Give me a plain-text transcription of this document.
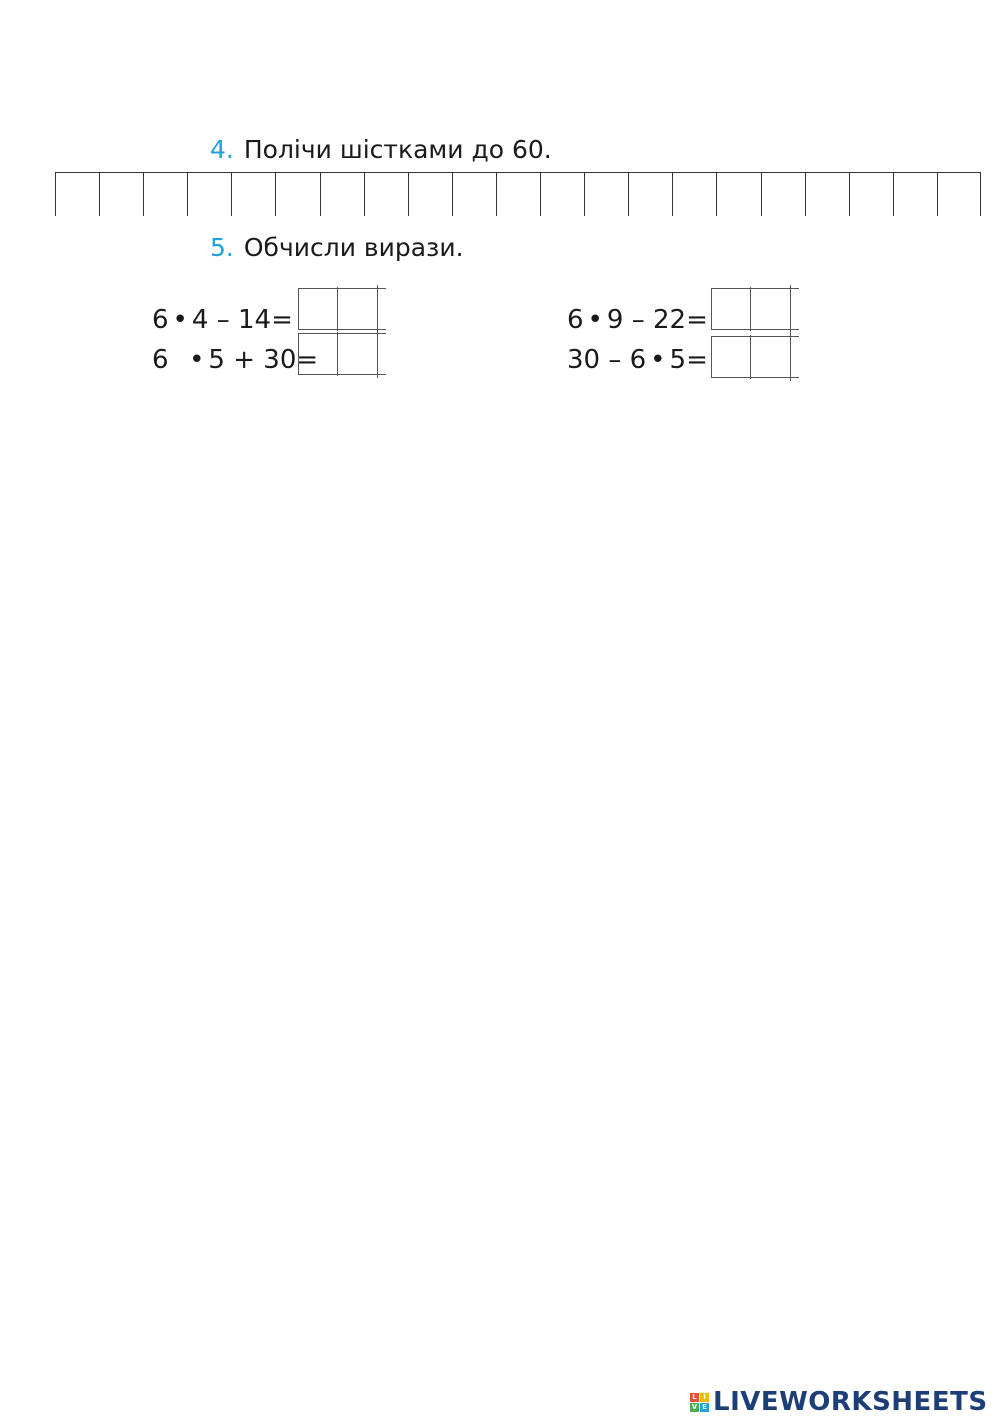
4. Полічи шістками до 60.
5. Обчисли вирази.
6 • 4 – 14=
6 • 5 + 30=
6 • 9 – 22=
30 – 6 • 5=
L I
V E LIVEWORKSHEETS
